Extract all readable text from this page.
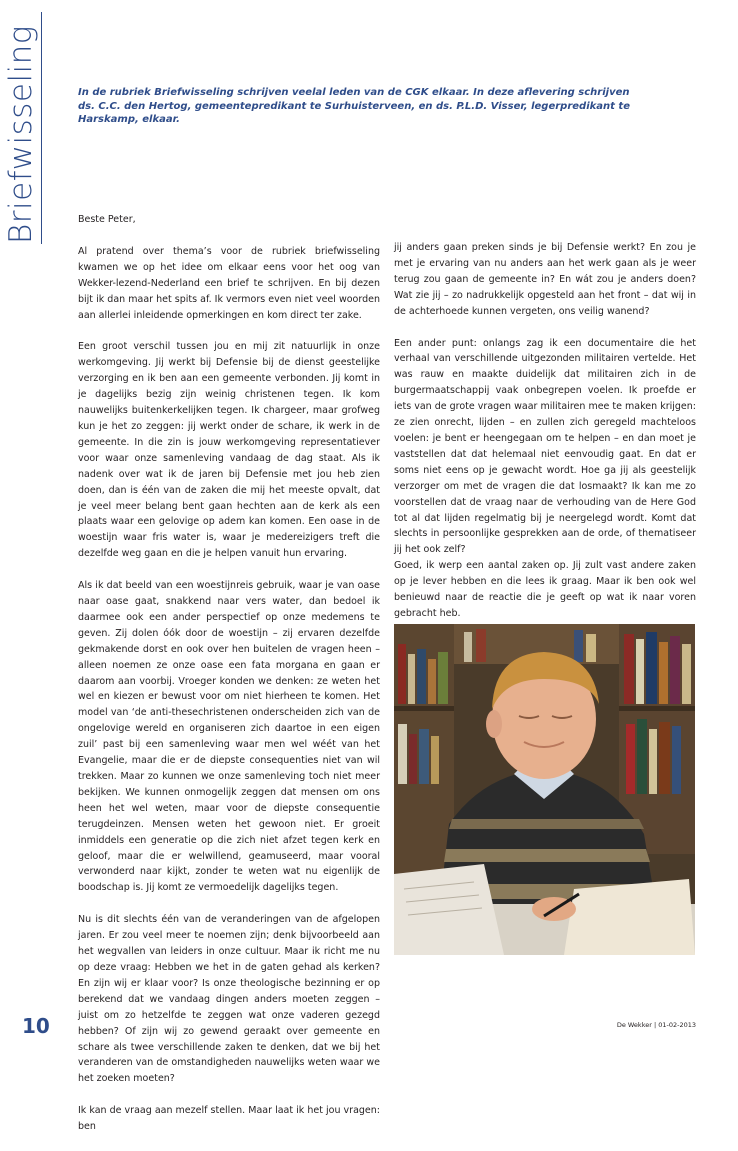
Briefwisseling	In de rubriek Briefwisseling schrijven veelal leden van de CGK elkaar. In deze aflevering schrijven ds. C.C. den Hertog, gemeentepredikant te Surhuisterveen, en ds. P.L.D. Visser, legerpredikant te Harskamp, elkaar.

Beste Peter,

Al pratend over thema’s voor de rubriek briefwisseling kwamen we op het idee om elkaar eens voor het oog van Wekker-lezend-Nederland een brief te schrijven. En bij dezen bijt ik dan maar het spits af. Ik vermors even niet veel woorden aan allerlei inleidende opmerkingen en kom direct ter zake.

Een groot verschil tussen jou en mij zit natuurlijk in onze werkomgeving. Jij werkt bij Defensie bij de dienst geestelijke verzorging en ik ben aan een gemeente verbonden. Jij komt in je dagelijks bezig zijn weinig christenen tegen. Ik kom nauwelijks buitenkerkelijken tegen. Ik chargeer, maar grofweg kun je het zo zeggen: jij werkt onder de schare, ik werk in de gemeente. In die zin is jouw werkomgeving representatiever voor waar onze samenleving vandaag de dag staat. Als ik nadenk over wat ik de jaren bij Defensie met jou heb zien doen, dan is één van de zaken die mij het meeste opvalt, dat je veel meer belang bent gaan hechten aan de kerk als een plaats waar een gelovige op adem kan komen. Een oase in de woestijn waar fris water is, waar je medereizigers treft die dezelfde weg gaan en die je helpen vanuit hun ervaring.

Als ik dat beeld van een woestijnreis gebruik, waar je van oase naar oase gaat, snakkend naar vers water, dan bedoel ik daarmee ook een ander perspectief op onze medemens te geven. Zij dolen óók door de woestijn – zij ervaren dezelfde gekmakende dorst en ook over hen buitelen de vragen heen – alleen noemen ze onze oase een fata morgana en gaan er daarom aan voorbij. Vroeger konden we denken: ze weten het wel en kiezen er bewust voor om niet hierheen te komen. Het model van ‘de anti-thesechristenen onderscheiden zich van de ongelovige wereld en organiseren zich daartoe in een eigen zuil’ past bij een samenleving waar men wel wéét van het Evangelie, maar die er de diepste consequenties niet van wil trekken. Maar zo kunnen we onze samenleving toch niet meer bekijken. We kunnen onmogelijk zeggen dat mensen om ons heen het wel weten, maar voor de diepste consequentie terugdeinzen. Mensen weten het gewoon niet. Er groeit inmiddels een generatie op die zich niet afzet tegen kerk en geloof, maar die er welwillend, geamuseerd, maar vooral verwonderd naar kijkt, zonder te weten wat nu eigenlijk de boodschap is. Jij komt ze vermoedelijk dagelijks tegen.

Nu is dit slechts één van de veranderingen van de afgelopen jaren. Er zou veel meer te noemen zijn; denk bijvoorbeeld aan het wegvallen van leiders in onze cultuur. Maar ik richt me nu op deze vraag: Hebben we het in de gaten gehad als kerken? En zijn wij er klaar voor? Is onze theologische bezinning er op berekend dat we vandaag dingen anders moeten zeggen – juist om zo hetzelfde te zeggen wat onze vaderen gezegd hebben? Of zijn wij zo gewend geraakt over gemeente en schare als twee verschillende zaken te denken, dat we bij het veranderen van de omstandigheden nauwelijks weten waar we het zoeken moeten?

Ik kan de vraag aan mezelf stellen. Maar laat ik het jou vragen: ben

jij anders gaan preken sinds je bij Defensie werkt? En zou je met je ervaring van nu anders aan het werk gaan als je weer terug zou gaan de gemeente in? En wát zou je anders doen? Wat zie jij – zo nadrukkelijk opgesteld aan het front – dat wij in de achterhoede kunnen vergeten, ons veilig wanend?

Een ander punt: onlangs zag ik een documentaire die het verhaal van verschillende uitgezonden militairen vertelde. Het was rauw en maakte duidelijk dat militairen zich in de burgermaatschappij vaak onbegrepen voelen. Ik proefde er iets van de grote vragen waar militairen mee te maken krijgen: ze zien onrecht, lijden – en zullen zich geregeld machteloos voelen: je bent er heengegaan om te helpen – en dan moet je vaststellen dat dat helemaal niet eenvoudig gaat. En dat er soms niet eens op je gewacht wordt. Hoe ga jij als geestelijk verzorger om met de vragen die dat losmaakt? Ik kan me zo voorstellen dat de vraag naar de verhouding van de Here God tot al dat lijden regelmatig bij je neergelegd wordt. Komt dat slechts in persoonlijke gesprekken aan de orde, of thematiseer jij het ook zelf?

Goed, ik werp een aantal zaken op. Jij zult vast andere zaken op je lever hebben en die lees ik graag. Maar ik ben ook wel benieuwd naar de reactie die je geeft op wat ik naar voren gebracht heb.

10	De Wekker | 01-02-2013
